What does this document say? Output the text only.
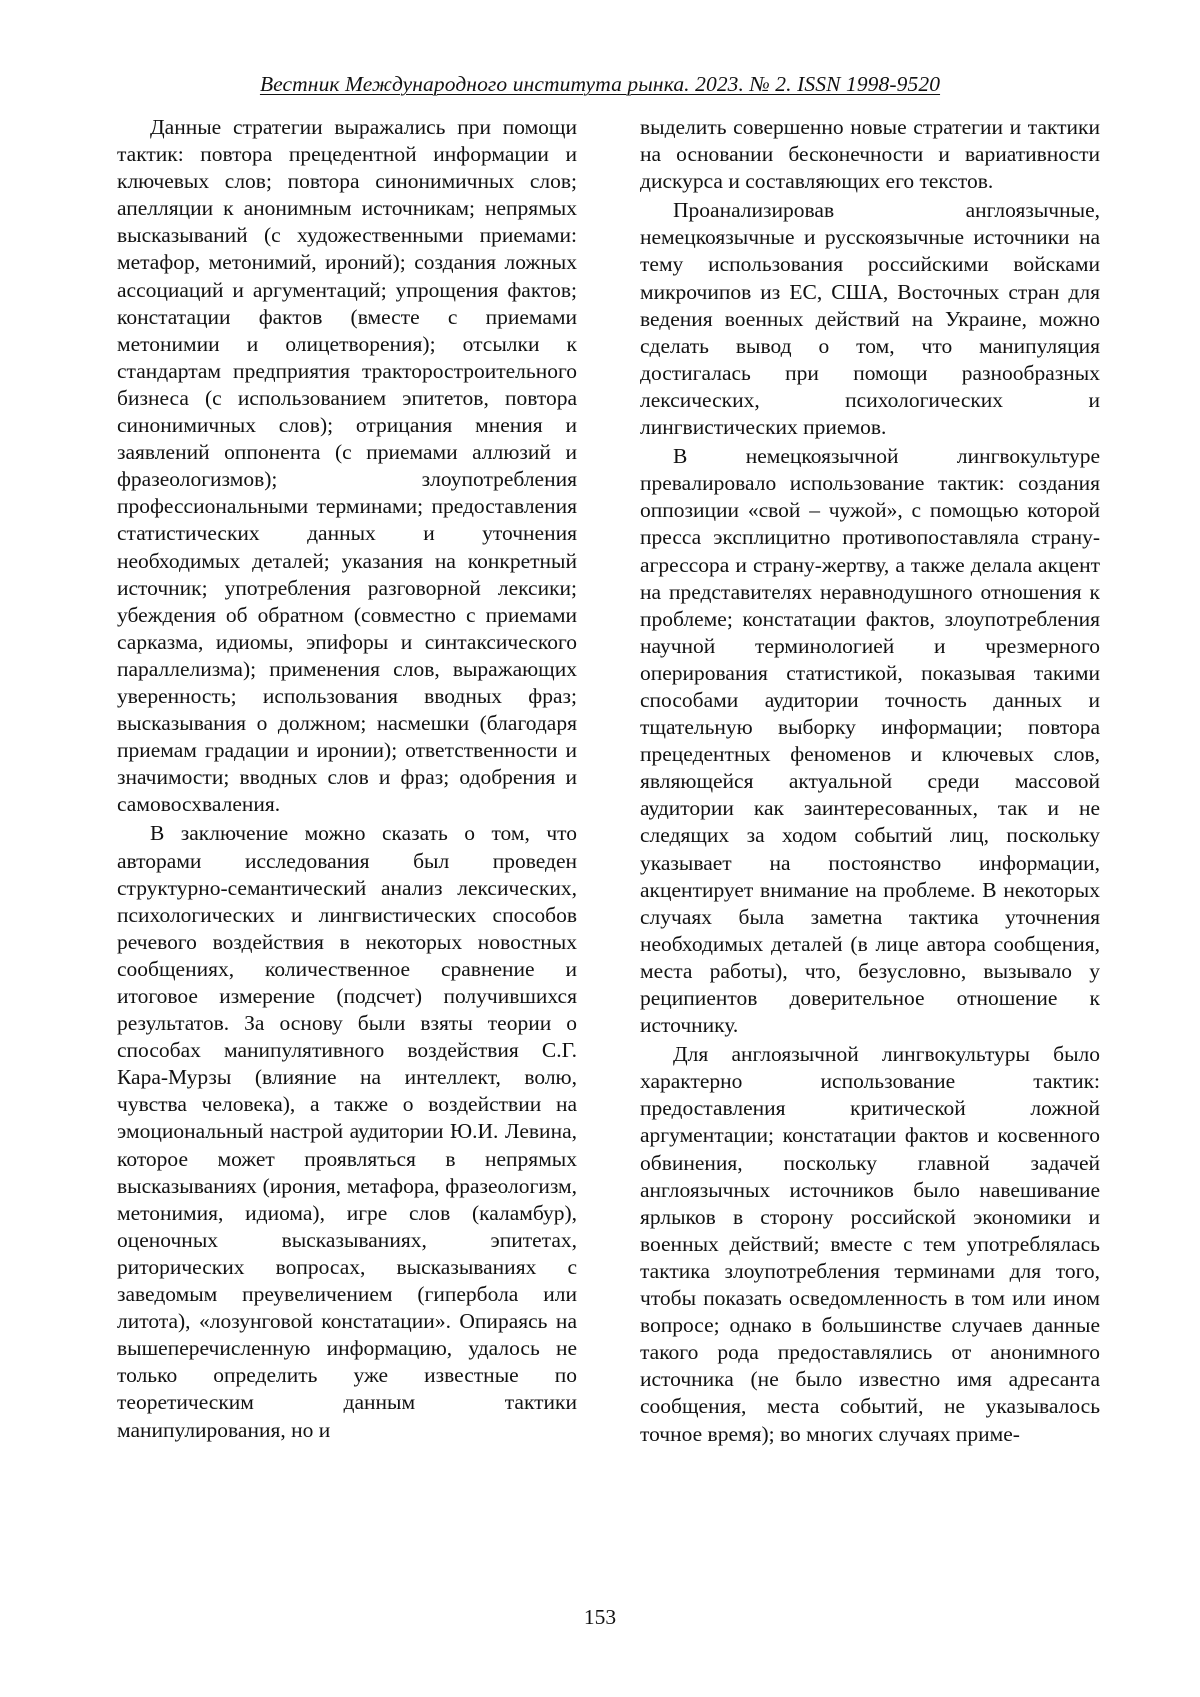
Вестник Международного института рынка. 2023. № 2. ISSN 1998-9520

Данные стратегии выражались при помощи тактик: повтора прецедентной информации и ключевых слов; повтора синонимичных слов; апелляции к анонимным источникам; непрямых высказываний (с художественными приемами: метафор, метонимий, ироний); создания ложных ассоциаций и аргументаций; упрощения фактов; констатации фактов (вместе с приемами метонимии и олицетворения); отсылки к стандартам предприятия тракторостроительного бизнеса (с использованием эпитетов, повтора синонимичных слов); отрицания мнения и заявлений оппонента (с приемами аллюзий и фразеологизмов); злоупотребления профессиональными терминами; предоставления статистических данных и уточнения необходимых деталей; указания на конкретный источник; употребления разговорной лексики; убеждения об обратном (совместно с приемами сарказма, идиомы, эпифоры и синтаксического параллелизма); применения слов, выражающих уверенность; использования вводных фраз; высказывания о должном; насмешки (благодаря приемам градации и иронии); ответственности и значимости; вводных слов и фраз; одобрения и самовосхваления.

В заключение можно сказать о том, что авторами исследования был проведен структурно-семантический анализ лексических, психологических и лингвистических способов речевого воздействия в некоторых новостных сообщениях, количественное сравнение и итоговое измерение (подсчет) получившихся результатов. За основу были взяты теории о способах манипулятивного воздействия С.Г. Кара-Мурзы (влияние на интеллект, волю, чувства человека), а также о воздействии на эмоциональный настрой аудитории Ю.И. Левина, которое может проявляться в непрямых высказываниях (ирония, метафора, фразеологизм, метонимия, идиома), игре слов (каламбур), оценочных высказываниях, эпитетах, риторических вопросах, высказываниях с заведомым преувеличением (гипербола или литота), «лозунговой констатации». Опираясь на вышеперечисленную информацию, удалось не только определить уже известные по теоретическим данным тактики манипулирования, но и

выделить совершенно новые стратегии и тактики на основании бесконечности и вариативности дискурса и составляющих его текстов.

Проанализировав англоязычные, немецкоязычные и русскоязычные источники на тему использования российскими войсками микрочипов из ЕС, США, Восточных стран для ведения военных действий на Украине, можно сделать вывод о том, что манипуляция достигалась при помощи разнообразных лексических, психологических и лингвистических приемов.

В немецкоязычной лингвокультуре превалировало использование тактик: создания оппозиции «свой – чужой», с помощью которой пресса эксплицитно противопоставляла страну-агрессора и страну-жертву, а также делала акцент на представителях неравнодушного отношения к проблеме; констатации фактов, злоупотребления научной терминологией и чрезмерного оперирования статистикой, показывая такими способами аудитории точность данных и тщательную выборку информации; повтора прецедентных феноменов и ключевых слов, являющейся актуальной среди массовой аудитории как заинтересованных, так и не следящих за ходом событий лиц, поскольку указывает на постоянство информации, акцентирует внимание на проблеме. В некоторых случаях была заметна тактика уточнения необходимых деталей (в лице автора сообщения, места работы), что, безусловно, вызывало у реципиентов доверительное отношение к источнику.

Для англоязычной лингвокультуры было характерно использование тактик: предоставления критической ложной аргументации; констатации фактов и косвенного обвинения, поскольку главной задачей англоязычных источников было навешивание ярлыков в сторону российской экономики и военных действий; вместе с тем употреблялась тактика злоупотребления терминами для того, чтобы показать осведомленность в том или ином вопросе; однако в большинстве случаев данные такого рода предоставлялись от анонимного источника (не было известно имя адресанта сообщения, места событий, не указывалось точное время); во многих случаях приме-

153
